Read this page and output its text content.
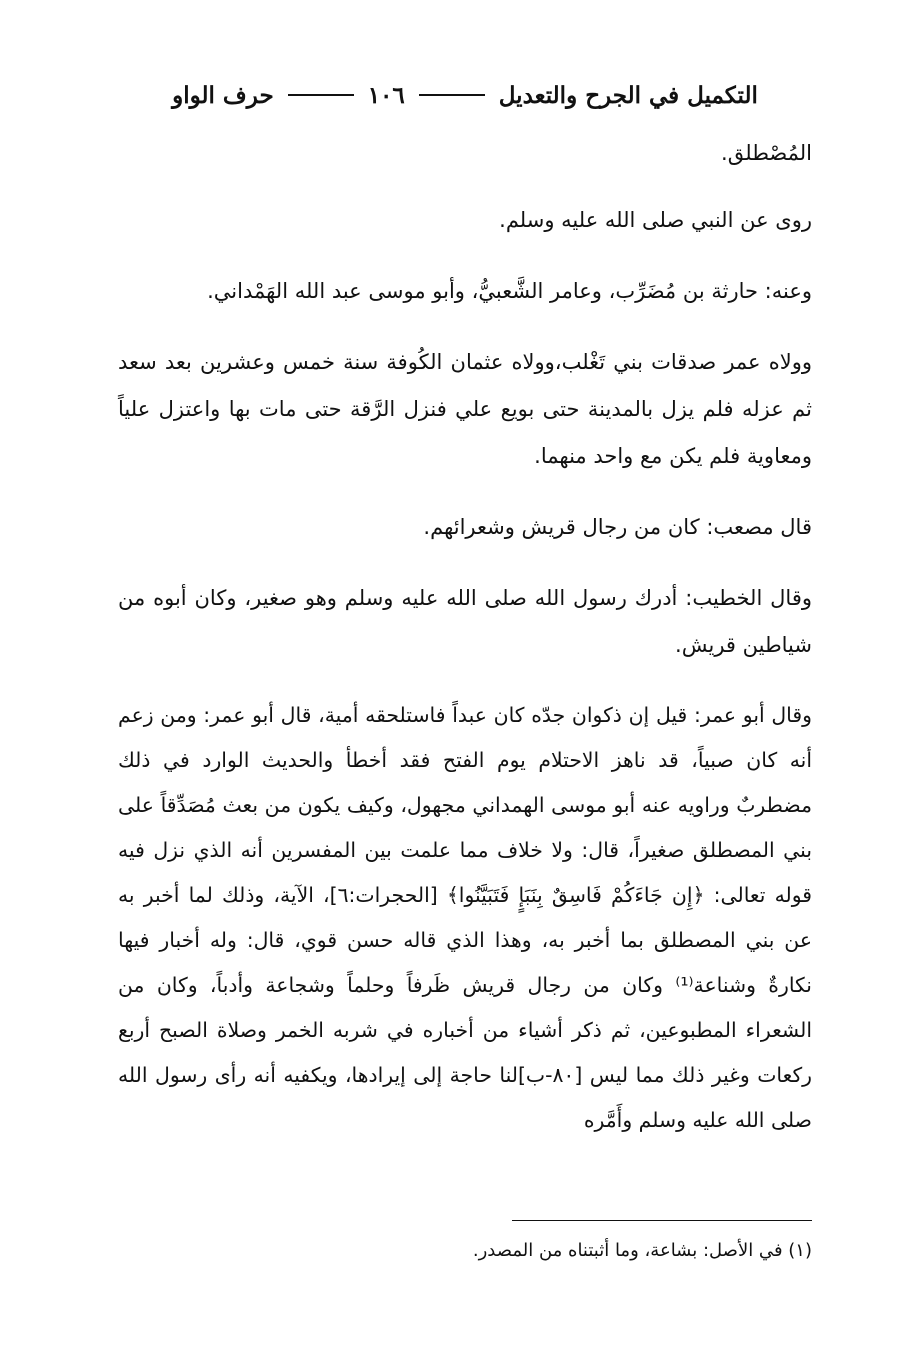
التكميل في الجرح والتعديل
١٠٦
حرف الواو

المُصْطلق.

روى عن النبي صلى الله عليه وسلم.

وعنه: حارثة بن مُضَرِّب، وعامر الشَّعبيُّ، وأبو موسى عبد الله الهَمْداني.

وولاه عمر صدقات بني تَغْلب،وولاه عثمان الكُوفة سنة خمس وعشرين بعد سعد ثم عزله فلم يزل بالمدينة حتى بويع علي فنزل الرَّقة حتى مات بها واعتزل علياً ومعاوية فلم يكن مع واحد منهما.

قال مصعب: كان من رجال قريش وشعرائهم.

وقال الخطيب: أدرك رسول الله صلى الله عليه وسلم وهو صغير، وكان أبوه من شياطين قريش.

وقال أبو عمر: قيل إن ذكوان جدّه كان عبداً فاستلحقه أمية، قال أبو عمر: ومن زعم أنه كان صبياً، قد ناهز الاحتلام يوم الفتح فقد أخطأ والحديث الوارد في ذلك مضطربٌ وراويه عنه أبو موسى الهمداني مجهول، وكيف يكون من بعث مُصَدِّقاً على بني المصطلق صغيراً، قال: ولا خلاف مما علمت بين المفسرين أنه الذي نزل فيه قوله تعالى: ﴿إِن جَاءَكُمْ فَاسِقٌ بِنَبَإٍ فَتَبَيَّنُوا﴾ [الحجرات:٦]، الآية، وذلك لما أخبر به عن بني المصطلق بما أخبر به، وهذا الذي قاله حسن قوي، قال: وله أخبار فيها نكارةٌ وشناعة⁽¹⁾ وكان من رجال قريش ظَرفاً وحلماً وشجاعة وأدباً، وكان من الشعراء المطبوعين، ثم ذكر أشياء من أخباره في شربه الخمر وصلاة الصبح أربع ركعات وغير ذلك مما ليس [٨٠-ب]لنا حاجة إلى إيرادها، ويكفيه أنه رأى رسول الله صلى الله عليه وسلم وأَمَّره

(١) في الأصل: بشاعة، وما أثبتناه من المصدر.
